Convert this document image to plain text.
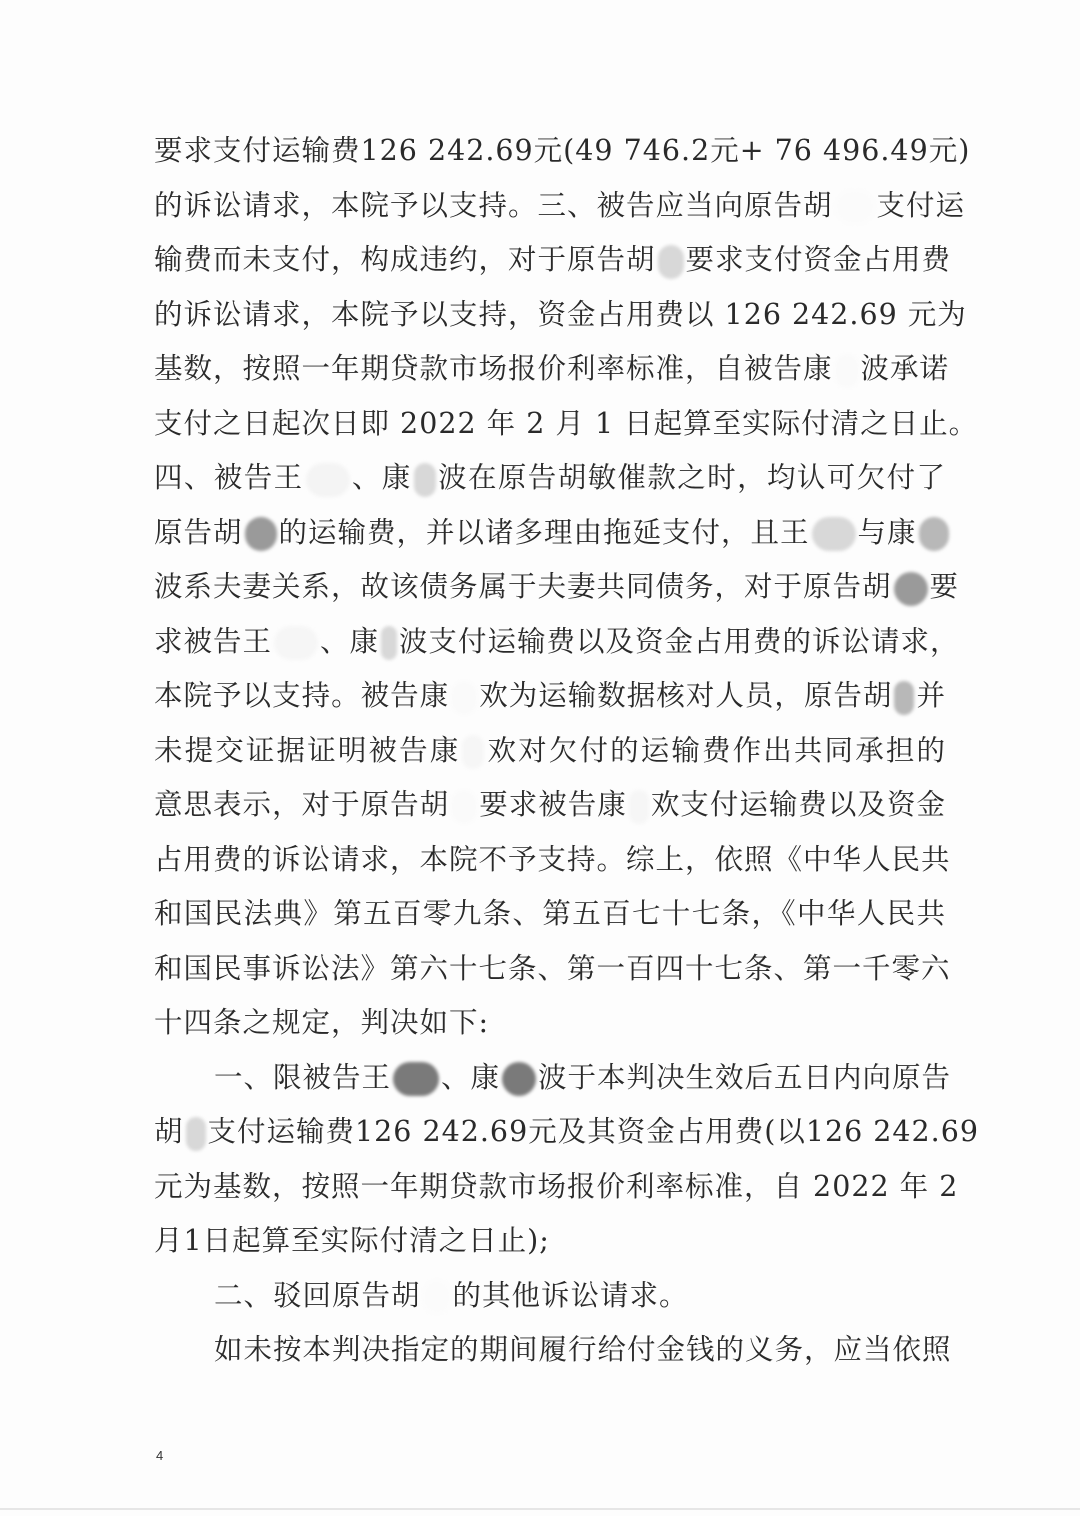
要求支付运输费126 242.69元(49 746.2元+ 76 496.49元)
的诉讼请求，本院予以支持。三、被告应当向原告胡 支付运
输费而未支付，构成违约，对于原告胡 要求支付资金占用费
的诉讼请求，本院予以支持，资金占用费以 126 242.69 元为
基数，按照一年期贷款市场报价利率标准，自被告康 波承诺
支付之日起次日即 2022 年 2 月 1 日起算至实际付清之日止。
四、被告王 、康 波在原告胡敏催款之时，均认可欠付了
原告胡 的运输费，并以诸多理由拖延支付，且王 与康
波系夫妻关系，故该债务属于夫妻共同债务，对于原告胡 要
求被告王 、康 波支付运输费以及资金占用费的诉讼请求，
本院予以支持。被告康 欢为运输数据核对人员，原告胡 并
未提交证据证明被告康 欢对欠付的运输费作出共同承担的
意思表示，对于原告胡 要求被告康 欢支付运输费以及资金
占用费的诉讼请求，本院不予支持。综上，依照《中华人民共
和国民法典》第五百零九条、第五百七十七条，《中华人民共
和国民事诉讼法》第六十七条、第一百四十七条、第一千零六
十四条之规定，判决如下:
一、限被告王 、康 波于本判决生效后五日内向原告
胡 支付运输费126 242.69元及其资金占用费(以126 242.69
元为基数，按照一年期贷款市场报价利率标准，自 2022 年 2
月1日起算至实际付清之日止);
二、驳回原告胡 的其他诉讼请求。
如未按本判决指定的期间履行给付金钱的义务，应当依照
4
